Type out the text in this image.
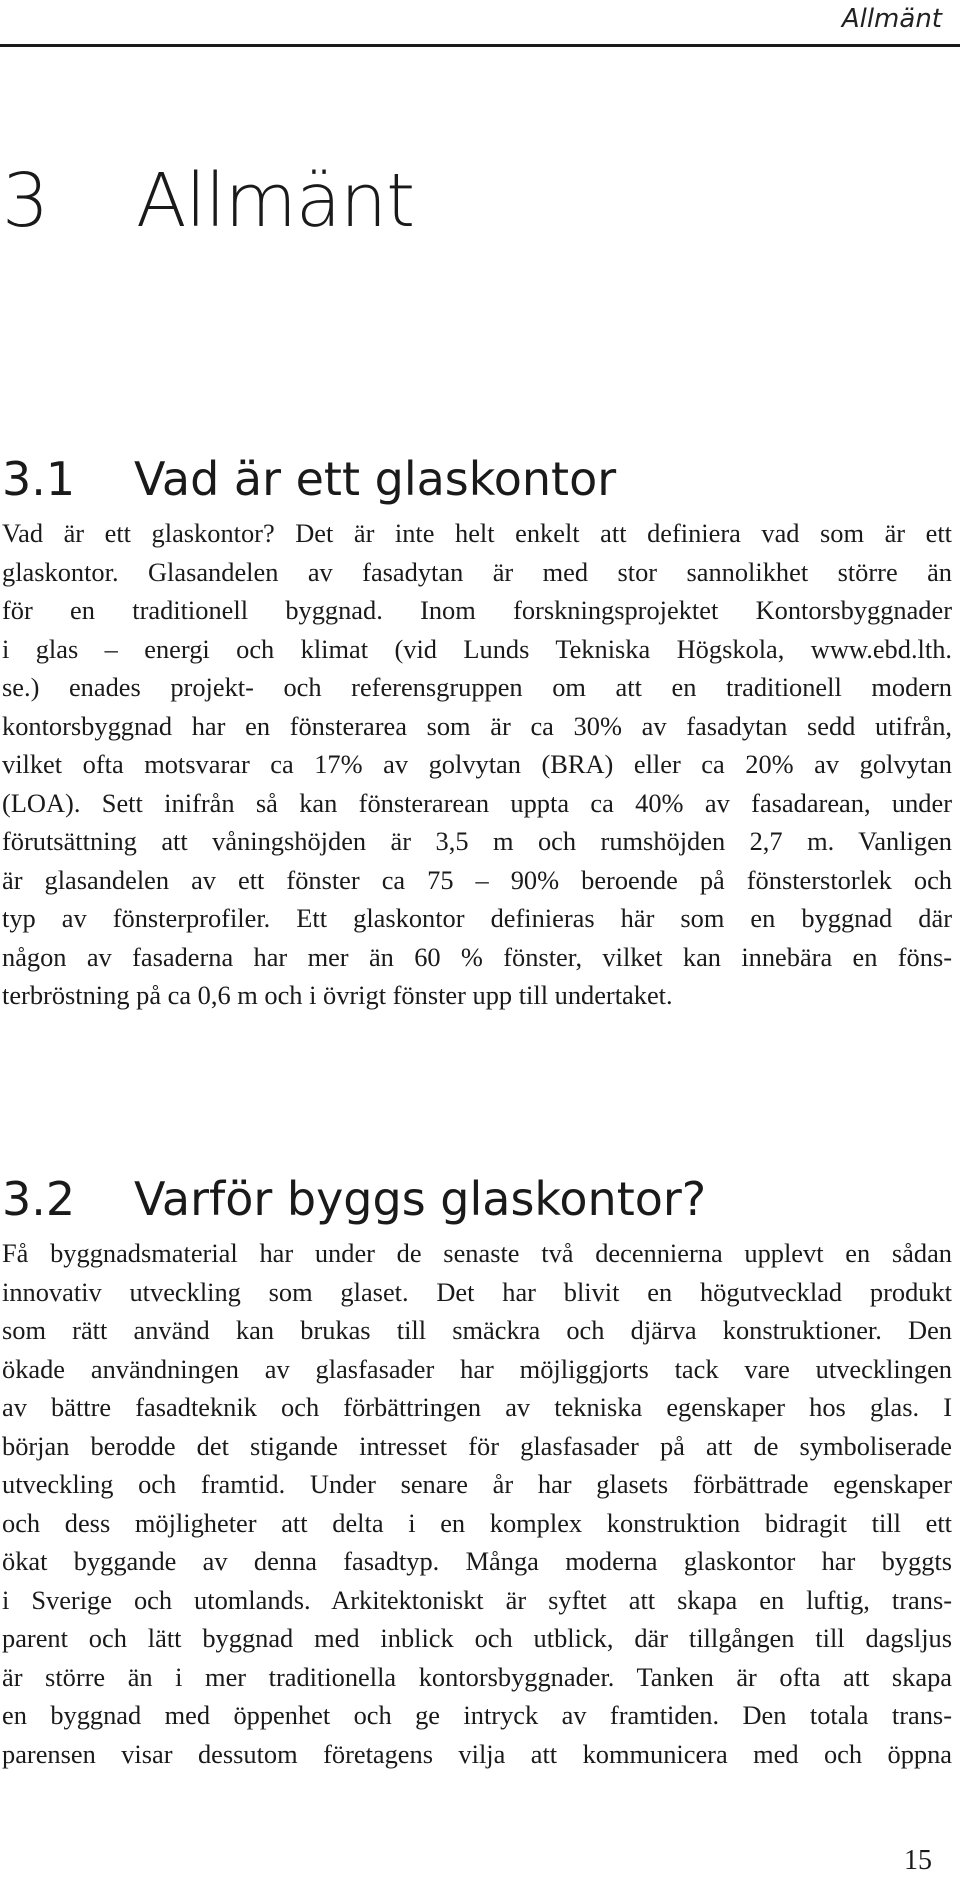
Allmänt
3 Allmänt
3.1 Vad är ett glaskontor
Vad är ett glaskontor? Det är inte helt enkelt att definiera vad som är ett
glaskontor. Glasandelen av fasadytan är med stor sannolikhet större än
för en traditionell byggnad. Inom forskningsprojektet Kontorsbyggnader
i glas – energi och klimat (vid Lunds Tekniska Högskola, www.ebd.lth.
se.) enades projekt- och referensgruppen om att en traditionell modern
kontorsbyggnad har en fönsterarea som är ca 30% av fasadytan sedd utifrån,
vilket ofta motsvarar ca 17% av golvytan (BRA) eller ca 20% av golvytan
(LOA). Sett inifrån så kan fönsterarean uppta ca 40% av fasadarean, under
förutsättning att våningshöjden är 3,5 m och rumshöjden 2,7 m. Vanligen
är glasandelen av ett fönster ca 75 – 90% beroende på fönsterstorlek och
typ av fönsterprofiler. Ett glaskontor definieras här som en byggnad där
någon av fasaderna har mer än 60 % fönster, vilket kan innebära en föns-
terbröstning på ca 0,6 m och i övrigt fönster upp till undertaket.
3.2 Varför byggs glaskontor?
Få byggnadsmaterial har under de senaste två decennierna upplevt en sådan
innovativ utveckling som glaset. Det har blivit en högutvecklad produkt
som rätt använd kan brukas till smäckra och djärva konstruktioner. Den
ökade användningen av glasfasader har möjliggjorts tack vare utvecklingen
av bättre fasadteknik och förbättringen av tekniska egenskaper hos glas. I
början berodde det stigande intresset för glasfasader på att de symboliserade
utveckling och framtid. Under senare år har glasets förbättrade egenskaper
och dess möjligheter att delta i en komplex konstruktion bidragit till ett
ökat byggande av denna fasadtyp. Många moderna glaskontor har byggts
i Sverige och utomlands. Arkitektoniskt är syftet att skapa en luftig, trans-
parent och lätt byggnad med inblick och utblick, där tillgången till dagsljus
är större än i mer traditionella kontorsbyggnader. Tanken är ofta att skapa
en byggnad med öppenhet och ge intryck av framtiden. Den totala trans-
parensen visar dessutom företagens vilja att kommunicera med och öppna
15
